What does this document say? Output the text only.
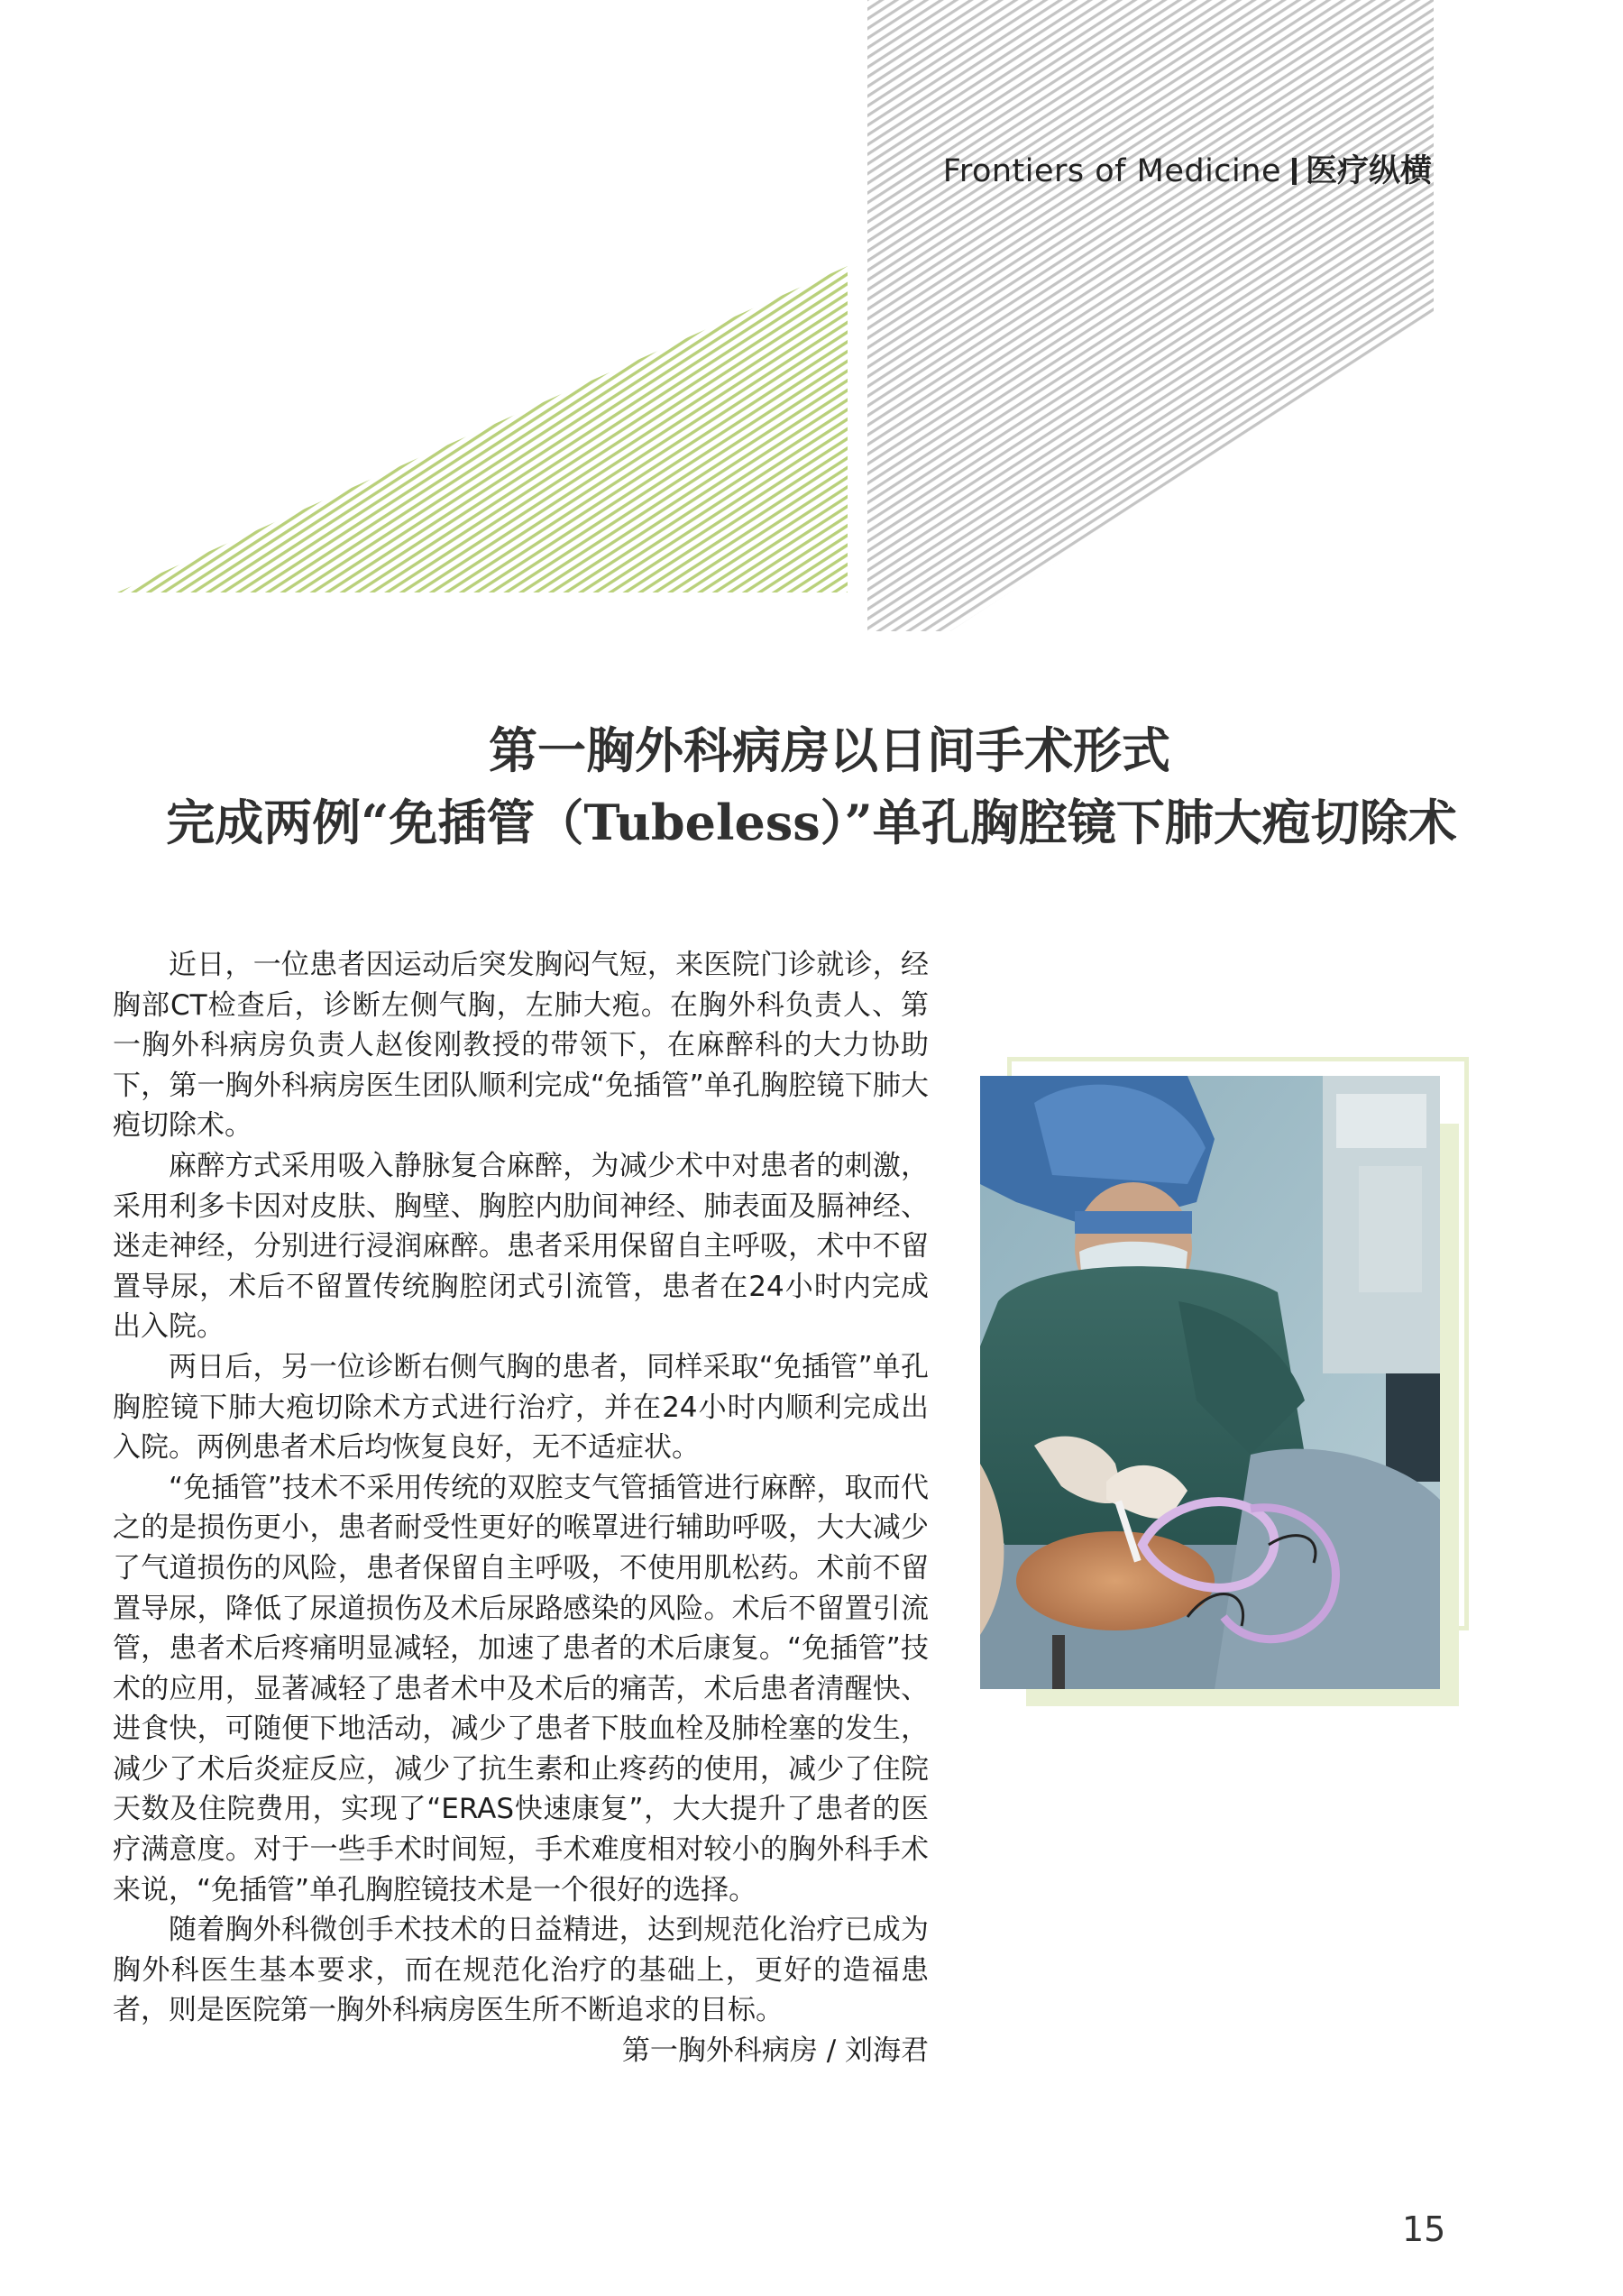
Frontiers of Medicine 医疗纵横
第一胸外科病房以日间手术形式
完成两例“免插管（Tubeless）”单孔胸腔镜下肺大疱切除术

近日，一位患者因运动后突发胸闷气短，来医院门诊就诊，经胸部CT检查后，诊断左侧气胸，左肺大疱。在胸外科负责人、第一胸外科病房负责人赵俊刚教授的带领下，在麻醉科的大力协助下，第一胸外科病房医生团队顺利完成“免插管”单孔胸腔镜下肺大疱切除术。

麻醉方式采用吸入静脉复合麻醉，为减少术中对患者的刺激，采用利多卡因对皮肤、胸壁、胸腔内肋间神经、肺表面及膈神经、迷走神经，分别进行浸润麻醉。患者采用保留自主呼吸，术中不留置导尿，术后不留置传统胸腔闭式引流管，患者在24小时内完成出入院。

两日后，另一位诊断右侧气胸的患者，同样采取“免插管”单孔胸腔镜下肺大疱切除术方式进行治疗，并在24小时内顺利完成出入院。两例患者术后均恢复良好，无不适症状。

“免插管”技术不采用传统的双腔支气管插管进行麻醉，取而代之的是损伤更小，患者耐受性更好的喉罩进行辅助呼吸，大大减少了气道损伤的风险，患者保留自主呼吸，不使用肌松药。术前不留置导尿，降低了尿道损伤及术后尿路感染的风险。术后不留置引流管，患者术后疼痛明显减轻，加速了患者的术后康复。“免插管”技术的应用，显著减轻了患者术中及术后的痛苦，术后患者清醒快、进食快，可随便下地活动，减少了患者下肢血栓及肺栓塞的发生，减少了术后炎症反应，减少了抗生素和止疼药的使用，减少了住院天数及住院费用，实现了“ERAS快速康复”，大大提升了患者的医疗满意度。对于一些手术时间短，手术难度相对较小的胸外科手术来说，“免插管”单孔胸腔镜技术是一个很好的选择。

随着胸外科微创手术技术的日益精进，达到规范化治疗已成为胸外科医生基本要求，而在规范化治疗的基础上，更好的造福患者，则是医院第一胸外科病房医生所不断追求的目标。

第一胸外科病房 / 刘海君

15
